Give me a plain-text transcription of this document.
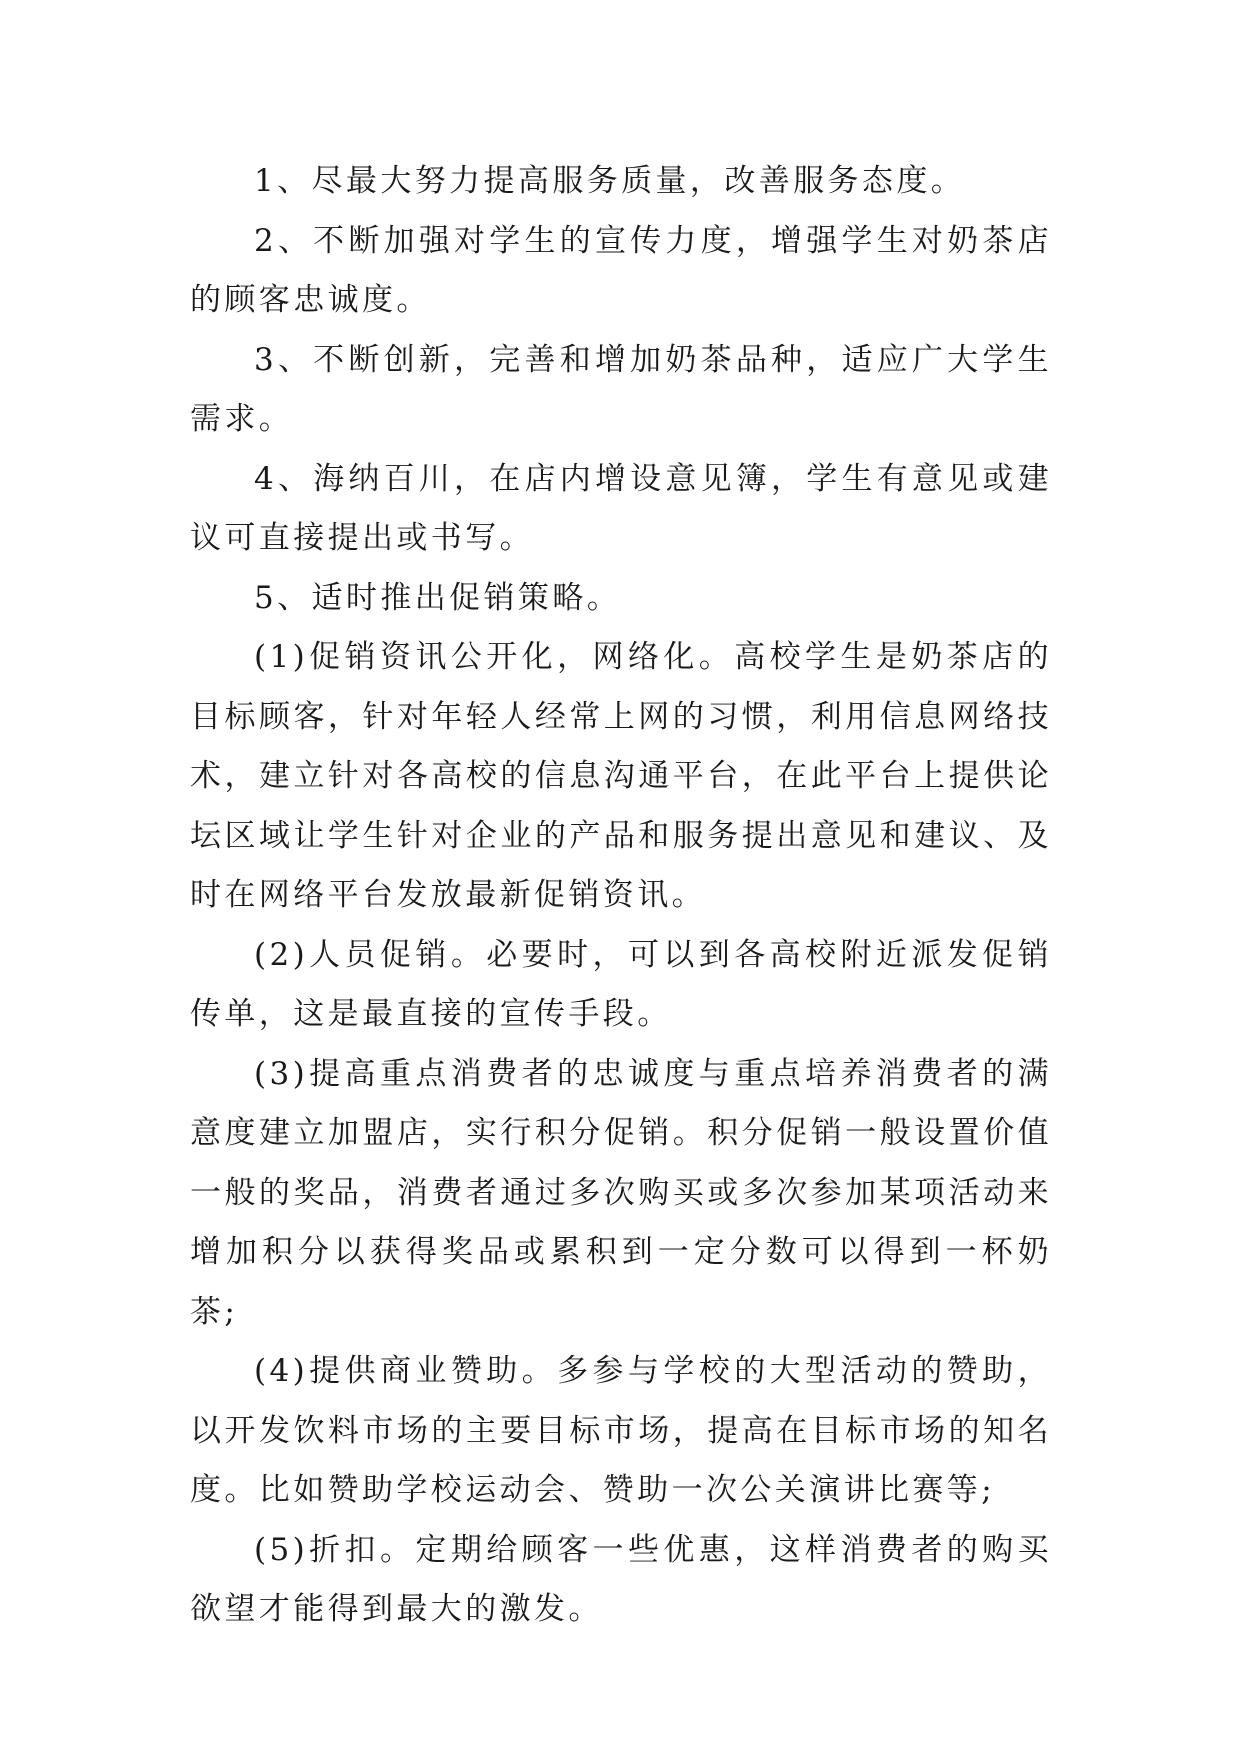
1、尽最大努力提高服务质量，改善服务态度。

2、不断加强对学生的宣传力度，增强学生对奶茶店的顾客忠诚度。

3、不断创新，完善和增加奶茶品种，适应广大学生需求。

4、海纳百川，在店内增设意见簿，学生有意见或建议可直接提出或书写。

5、适时推出促销策略。

(1)促销资讯公开化，网络化。高校学生是奶茶店的目标顾客，针对年轻人经常上网的习惯，利用信息网络技术，建立针对各高校的信息沟通平台，在此平台上提供论坛区域让学生针对企业的产品和服务提出意见和建议、及时在网络平台发放最新促销资讯。

(2)人员促销。必要时，可以到各高校附近派发促销传单，这是最直接的宣传手段。

(3)提高重点消费者的忠诚度与重点培养消费者的满意度建立加盟店，实行积分促销。积分促销一般设置价值一般的奖品，消费者通过多次购买或多次参加某项活动来增加积分以获得奖品或累积到一定分数可以得到一杯奶茶;

(4)提供商业赞助。多参与学校的大型活动的赞助，以开发饮料市场的主要目标市场，提高在目标市场的知名度。比如赞助学校运动会、赞助一次公关演讲比赛等;

(5)折扣。定期给顾客一些优惠，这样消费者的购买欲望才能得到最大的激发。
